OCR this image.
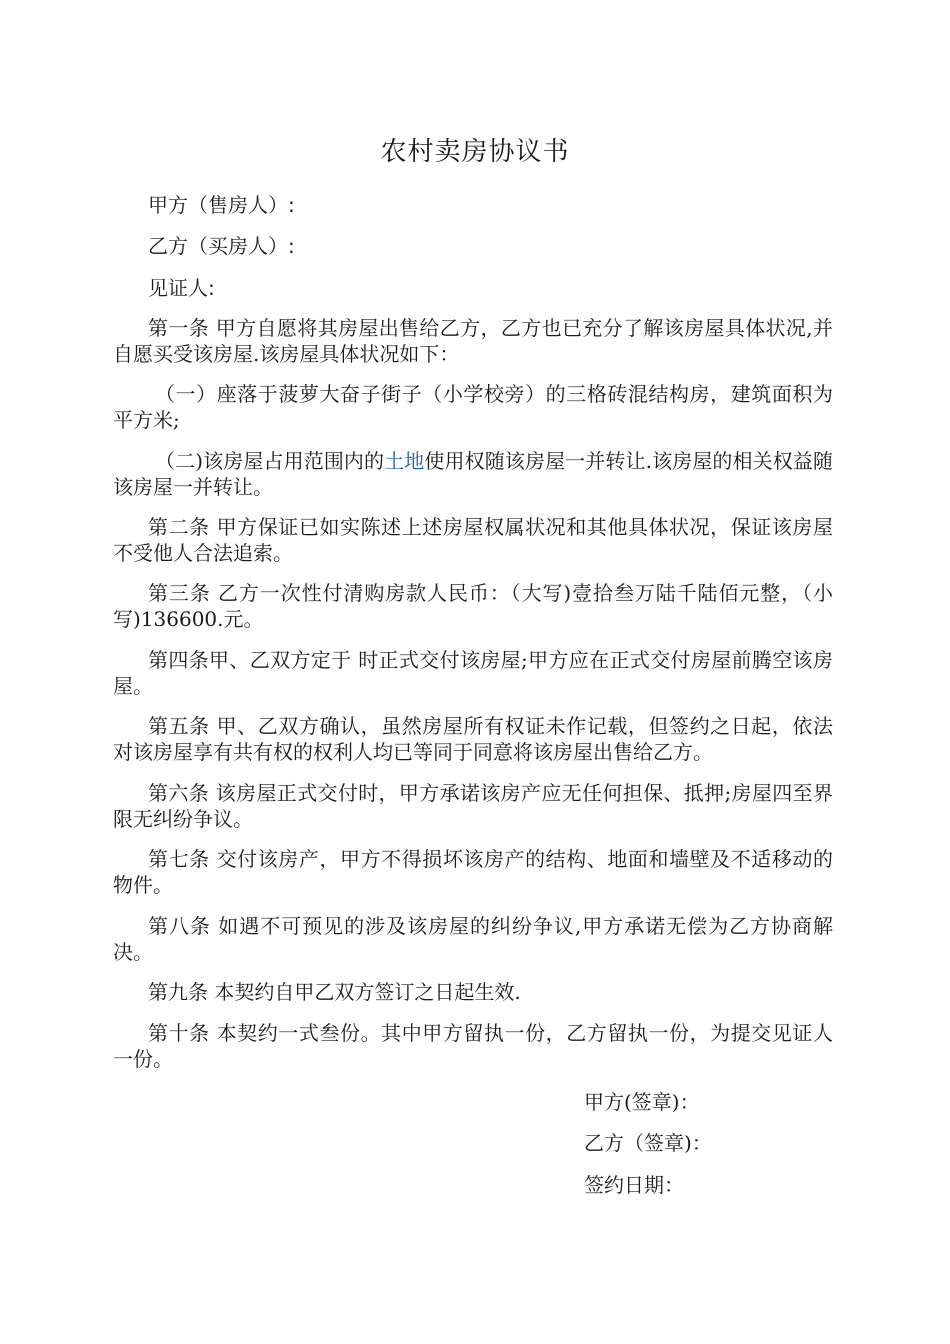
农村卖房协议书
甲方（售房人）:
乙方（买房人）:
见证人:
第一条 甲方自愿将其房屋出售给乙方，乙方也已充分了解该房屋具体状况,并自愿买受该房屋.该房屋具体状况如下：
（一）座落于菠萝大奋子街子（小学校旁）的三格砖混结构房，建筑面积为平方米;
（二)该房屋占用范围内的土地使用权随该房屋一并转让.该房屋的相关权益随该房屋一并转让。
第二条 甲方保证已如实陈述上述房屋权属状况和其他具体状况，保证该房屋不受他人合法追索。
第三条 乙方一次性付清购房款人民币：（大写)壹拾叁万陆千陆佰元整，（小写)136600.元。
第四条甲、乙双方定于 时正式交付该房屋;甲方应在正式交付房屋前腾空该房屋。
第五条 甲、乙双方确认，虽然房屋所有权证未作记载，但签约之日起，依法对该房屋享有共有权的权利人均已等同于同意将该房屋出售给乙方。
第六条 该房屋正式交付时，甲方承诺该房产应无任何担保、抵押;房屋四至界限无纠纷争议。
第七条 交付该房产，甲方不得损坏该房产的结构、地面和墙壁及不适移动的物件。
第八条 如遇不可预见的涉及该房屋的纠纷争议,甲方承诺无偿为乙方协商解决。
第九条 本契约自甲乙双方签订之日起生效.
第十条 本契约一式叁份。其中甲方留执一份，乙方留执一份，为提交见证人一份。
甲方(签章)：
乙方（签章)：
签约日期：
